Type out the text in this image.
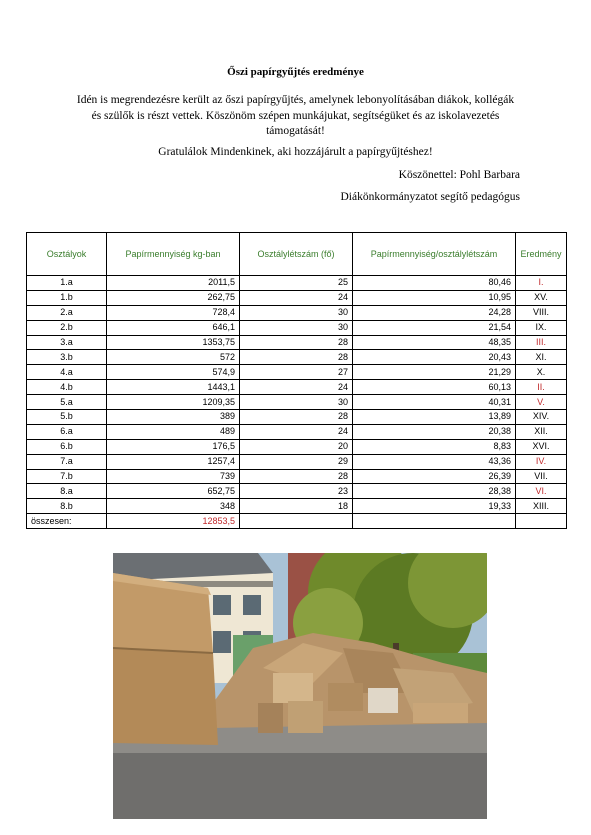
Őszi papírgyűjtés eredménye
Idén is megrendezésre került az őszi papírgyűjtés, amelynek lebonyolításában diákok, kollégák és szülők is részt vettek. Köszönöm szépen munkájukat, segítségüket és az iskolavezetés támogatását!
Gratulálok Mindenkinek, aki hozzájárult a papírgyűjtéshez!
Köszönettel: Pohl Barbara
Diákönkormányzatot segítő pedagógus
Osztályok	Papírmennyiség kg-ban	Osztálylétszám (fő)	Papírmennyiség/osztálylétszám	Eredmény
1.a	2011,5	25	80,46	I.
1.b	262,75	24	10,95	XV.
2.a	728,4	30	24,28	VIII.
2.b	646,1	30	21,54	IX.
3.a	1353,75	28	48,35	III.
3.b	572	28	20,43	XI.
4.a	574,9	27	21,29	X.
4.b	1443,1	24	60,13	II.
5.a	1209,35	30	40,31	V.
5.b	389	28	13,89	XIV.
6.a	489	24	20,38	XII.
6.b	176,5	20	8,83	XVI.
7.a	1257,4	29	43,36	IV.
7.b	739	28	26,39	VII.
8.a	652,75	23	28,38	VI.
8.b	348	18	19,33	XIII.
összesen:	12853,5			
